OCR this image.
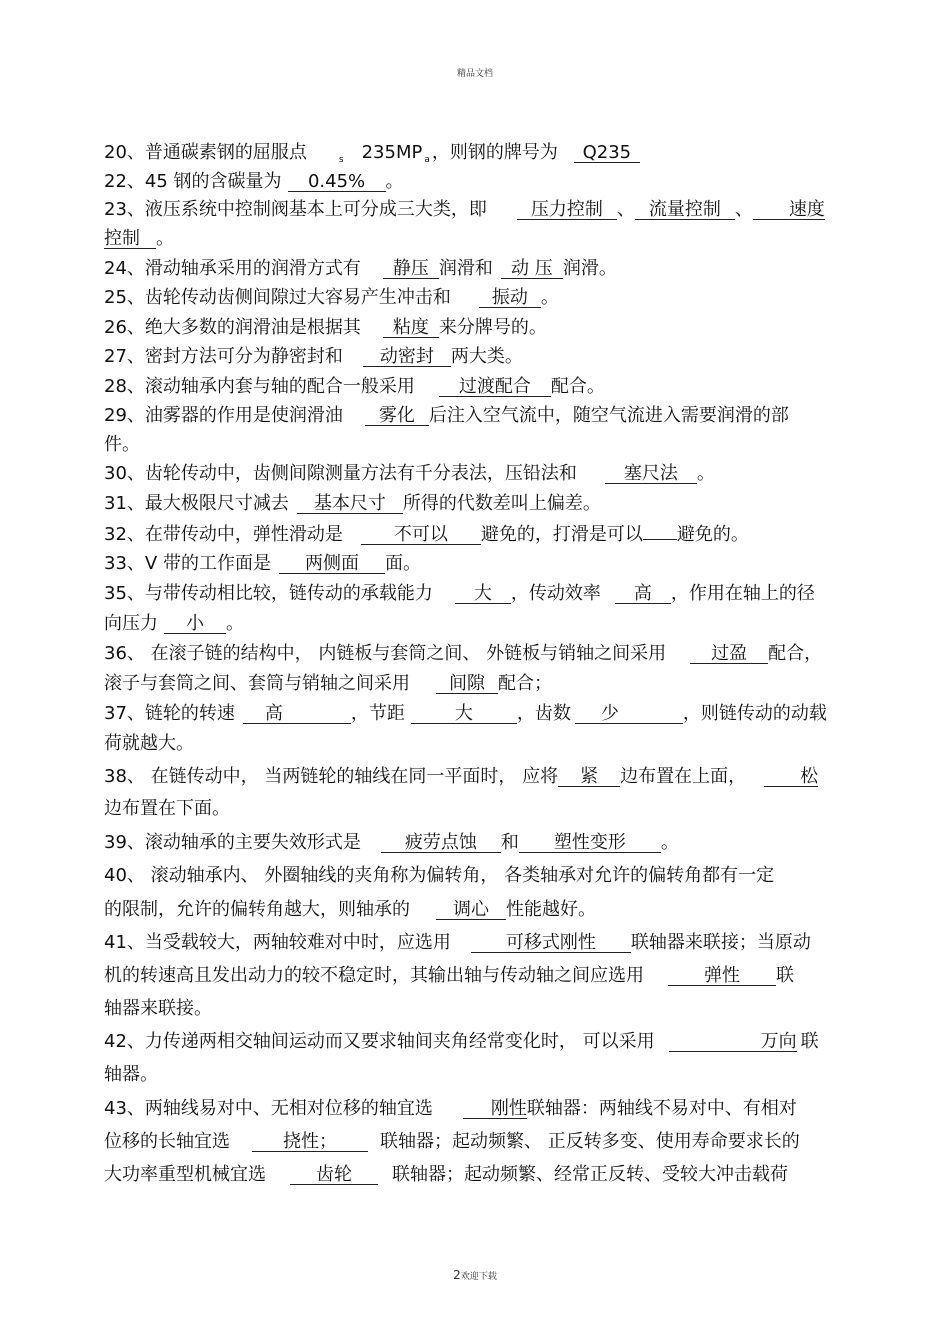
精品文档
20、普通碳素钢的屈服点	$_s$ 235MP $_a$ ，则钢的牌号为 Q235
22、45 钢的含碳量为 0.45% 。
23、液压系统中控制阀基本上可分成三大类，即 压力控制 、 流量控制 、 速度
控制 。
24、滑动轴承采用的润滑方式有 静压 润滑和 动 压 润滑。
25、齿轮传动齿侧间隙过大容易产生冲击和 振动 。
26、绝大多数的润滑油是根据其 粘度 来分牌号的。
27、密封方法可分为静密封和 动密封 两大类。
28、滚动轴承内套与轴的配合一般采用 过渡配合 配合。
29、油雾器的作用是使润滑油 雾化 后注入空气流中，随空气流进入需要润滑的部
件。
30、齿轮传动中，齿侧间隙测量方法有千分表法，压铅法和	塞尺法 。
31、最大极限尺寸减去 基本尺寸 所得的代数差叫上偏差。
32、在带传动中，弹性滑动是	不可以 避免的，打滑是可以 避免的。
33、V 带的工作面是 两侧面 面。
35、与带传动相比较，链传动的承载能力 大 ，传动效率 高 ，作用在轴上的径
向压力 小 。
36、 在滚子链的结构中， 内链板与套筒之间、 外链板与销轴之间采用	过盈 配合，
滚子与套筒之间、套筒与销轴之间采用 间隙 配合；
37、链轮的转速 高	，节距	大 ，齿数 少	，则链传动的动载
荷就越大。
38、 在链传动中， 当两链轮的轴线在同一平面时， 应将 紧 边布置在上面，	松
边布置在下面。
39、滚动轴承的主要失效形式是 疲劳点蚀 和 塑性变形 。
40、 滚动轴承内、 外圈轴线的夹角称为偏转角， 各类轴承对允许的偏转角都有一定
的限制，允许的偏转角越大，则轴承的 调心 性能越好。
41、当受载较大，两轴较难对中时，应选用	可移式刚性 联轴器来联接；当原动
机的转速高且发出动力的较不稳定时，其输出轴与传动轴之间应选用	弹性 联
轴器来联接。
42、力传递两相交轴间运动而又要求轴间夹角经常变化时， 可以采用	万向 联
轴器。
43、两轴线易对中、无相对位移的轴宜选	刚性联轴器：两轴线不易对中、有相对
位移的长轴宜选	挠性； 联轴器；起动频繁、 正反转多变、使用寿命要求长的
大功率重型机械宜选	齿轮 联轴器；起动频繁、经常正反转、受较大冲击载荷
2欢迎下载
